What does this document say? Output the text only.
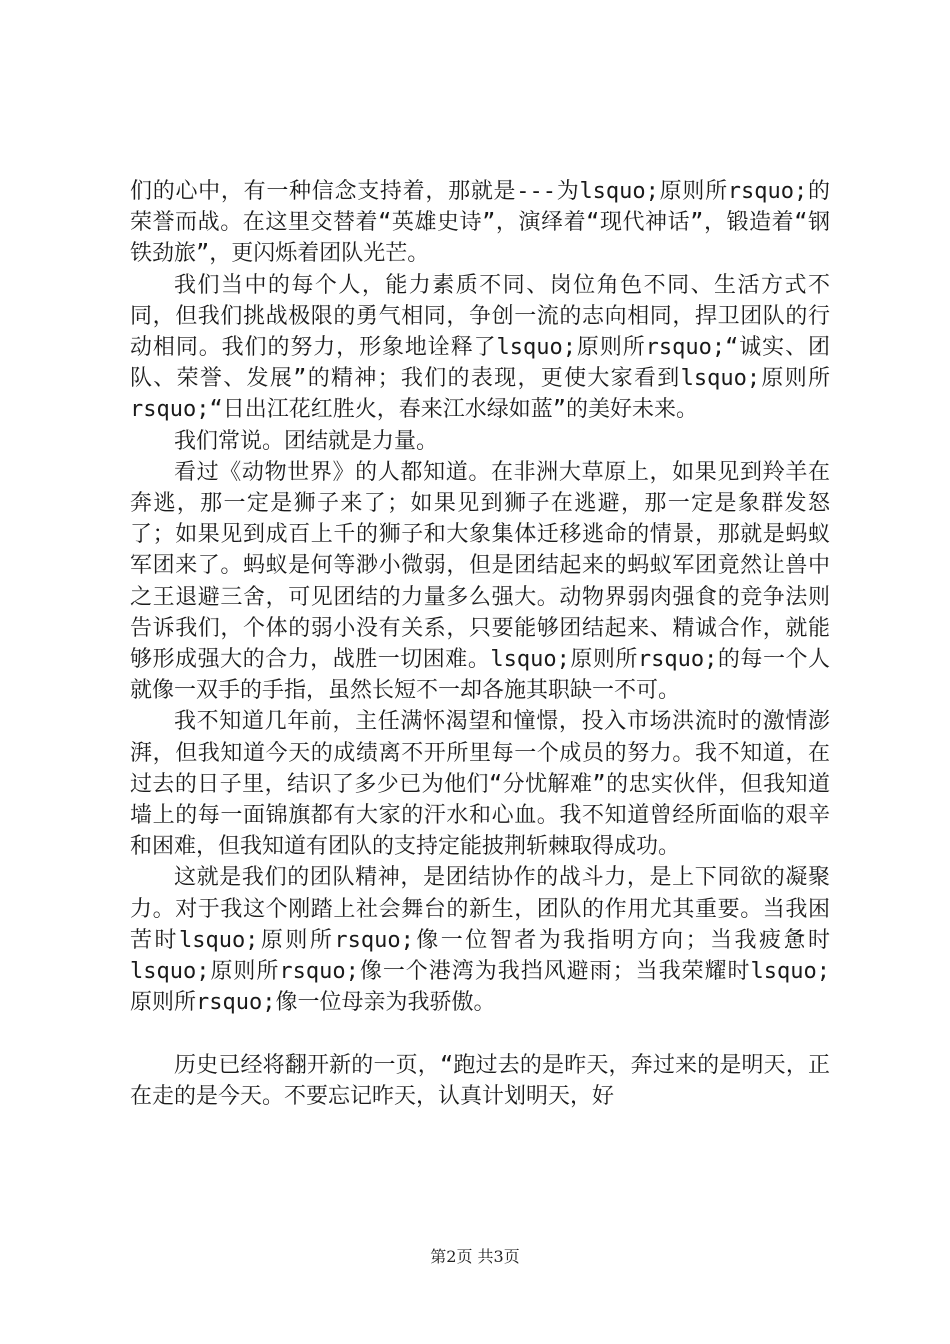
们的心中，有一种信念支持着，那就是---为lsquo;原则所rsquo;的荣誉而战。在这里交替着“英雄史诗”，演绎着“现代神话”，锻造着“钢铁劲旅”，更闪烁着团队光芒。

我们当中的每个人，能力素质不同、岗位角色不同、生活方式不同，但我们挑战极限的勇气相同，争创一流的志向相同，捍卫团队的行动相同。我们的努力，形象地诠释了lsquo;原则所rsquo;“诚实、团队、荣誉、发展”的精神；我们的表现，更使大家看到lsquo;原则所rsquo;“日出江花红胜火，春来江水绿如蓝”的美好未来。

我们常说。团结就是力量。

看过《动物世界》的人都知道。在非洲大草原上，如果见到羚羊在奔逃，那一定是狮子来了；如果见到狮子在逃避，那一定是象群发怒了；如果见到成百上千的狮子和大象集体迁移逃命的情景，那就是蚂蚁军团来了。蚂蚁是何等渺小微弱，但是团结起来的蚂蚁军团竟然让兽中之王退避三舍，可见团结的力量多么强大。动物界弱肉强食的竞争法则告诉我们，个体的弱小没有关系，只要能够团结起来、精诚合作，就能够形成强大的合力，战胜一切困难。lsquo;原则所rsquo;的每一个人就像一双手的手指，虽然长短不一却各施其职缺一不可。

我不知道几年前，主任满怀渴望和憧憬，投入市场洪流时的激情澎湃，但我知道今天的成绩离不开所里每一个成员的努力。我不知道，在过去的日子里，结识了多少已为他们“分忧解难”的忠实伙伴，但我知道墙上的每一面锦旗都有大家的汗水和心血。我不知道曾经所面临的艰辛和困难，但我知道有团队的支持定能披荆斩棘取得成功。

这就是我们的团队精神，是团结协作的战斗力，是上下同欲的凝聚力。对于我这个刚踏上社会舞台的新生，团队的作用尤其重要。当我困苦时lsquo;原则所rsquo;像一位智者为我指明方向；当我疲惫时lsquo;原则所rsquo;像一个港湾为我挡风避雨；当我荣耀时lsquo;原则所rsquo;像一位母亲为我骄傲。

历史已经将翻开新的一页，“跑过去的是昨天，奔过来的是明天，正在走的是今天。不要忘记昨天，认真计划明天，好

第2页 共3页
